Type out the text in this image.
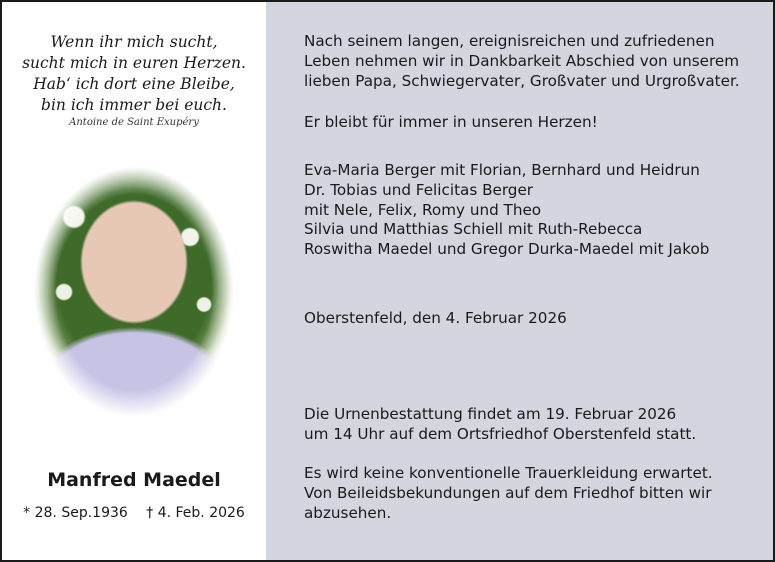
Wenn ihr mich sucht,
sucht mich in euren Herzen.
Hab‘ ich dort eine Bleibe,
bin ich immer bei euch.
Antoine de Saint Exupéry
Manfred Maedel
* 28. Sep.1936 † 4. Feb. 2026
Nach seinem langen, ereignisreichen und zufriedenen
Leben nehmen wir in Dankbarkeit Abschied von unserem
lieben Papa, Schwiegervater, Großvater und Urgroßvater.
Er bleibt für immer in unseren Herzen!
Eva-Maria Berger mit Florian, Bernhard und Heidrun
Dr. Tobias und Felicitas Berger
mit Nele, Felix, Romy und Theo
Silvia und Matthias Schiell mit Ruth-Rebecca
Roswitha Maedel und Gregor Durka-Maedel mit Jakob
Oberstenfeld, den 4. Februar 2026
Die Urnenbestattung findet am 19. Februar 2026
um 14 Uhr auf dem Ortsfriedhof Oberstenfeld statt.
Es wird keine konventionelle Trauerkleidung erwartet.
Von Beileidsbekundungen auf dem Friedhof bitten wir
abzusehen.
